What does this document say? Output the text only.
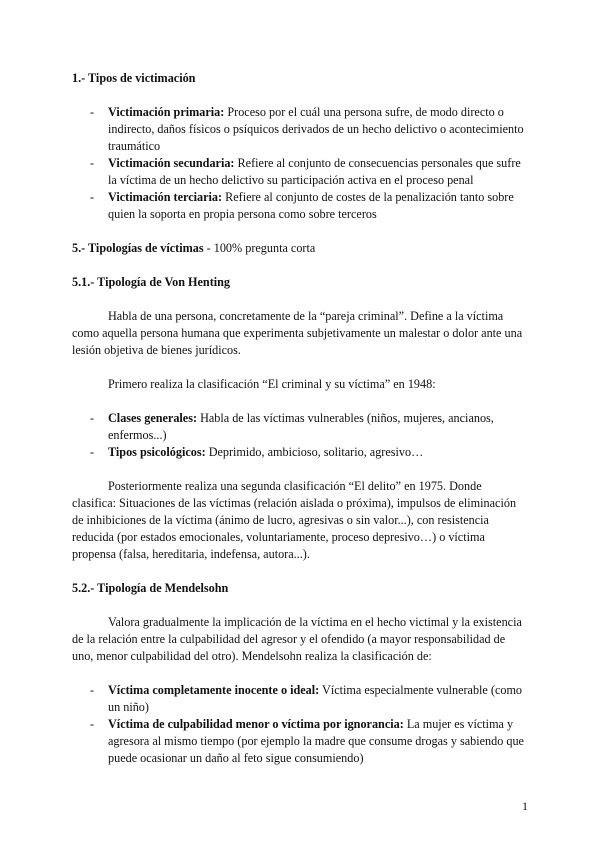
1.- Tipos de victimación
- Victimación primaria: Proceso por el cuál una persona sufre, de modo directo o indirecto, daños físicos o psíquicos derivados de un hecho delictivo o acontecimiento traumático
- Victimación secundaria: Refiere al conjunto de consecuencias personales que sufre la víctima de un hecho delictivo su participación activa en el proceso penal
- Victimación terciaria: Refiere al conjunto de costes de la penalización tanto sobre quien la soporta en propia persona como sobre terceros
5.- Tipologías de víctimas - 100% pregunta corta
5.1.- Tipología de Von Henting

Habla de una persona, concretamente de la “pareja criminal”. Define a la víctima como aquella persona humana que experimenta subjetivamente un malestar o dolor ante una lesión objetiva de bienes jurídicos.

Primero realiza la clasificación “El criminal y su víctima” en 1948:

- Clases generales: Habla de las víctimas vulnerables (niños, mujeres, ancianos, enfermos...)
- Tipos psicológicos: Deprimido, ambicioso, solitario, agresivo…

Posteriormente realiza una segunda clasificación “El delito” en 1975. Donde clasifica: Situaciones de las víctimas (relación aislada o próxima), impulsos de eliminación de inhibiciones de la víctima (ánimo de lucro, agresivas o sin valor...), con resistencia reducida (por estados emocionales, voluntariamente, proceso depresivo…) o víctima propensa (falsa, hereditaria, indefensa, autora...).

5.2.- Tipología de Mendelsohn

Valora gradualmente la implicación de la víctima en el hecho victimal y la existencia de la relación entre la culpabilidad del agresor y el ofendido (a mayor responsabilidad de uno, menor culpabilidad del otro). Mendelsohn realiza la clasificación de:

- Víctima completamente inocente o ideal: Víctima especialmente vulnerable (como un niño)
- Víctima de culpabilidad menor o víctima por ignorancia: La mujer es víctima y agresora al mismo tiempo (por ejemplo la madre que consume drogas y sabiendo que puede ocasionar un daño al feto sigue consumiendo)
1
